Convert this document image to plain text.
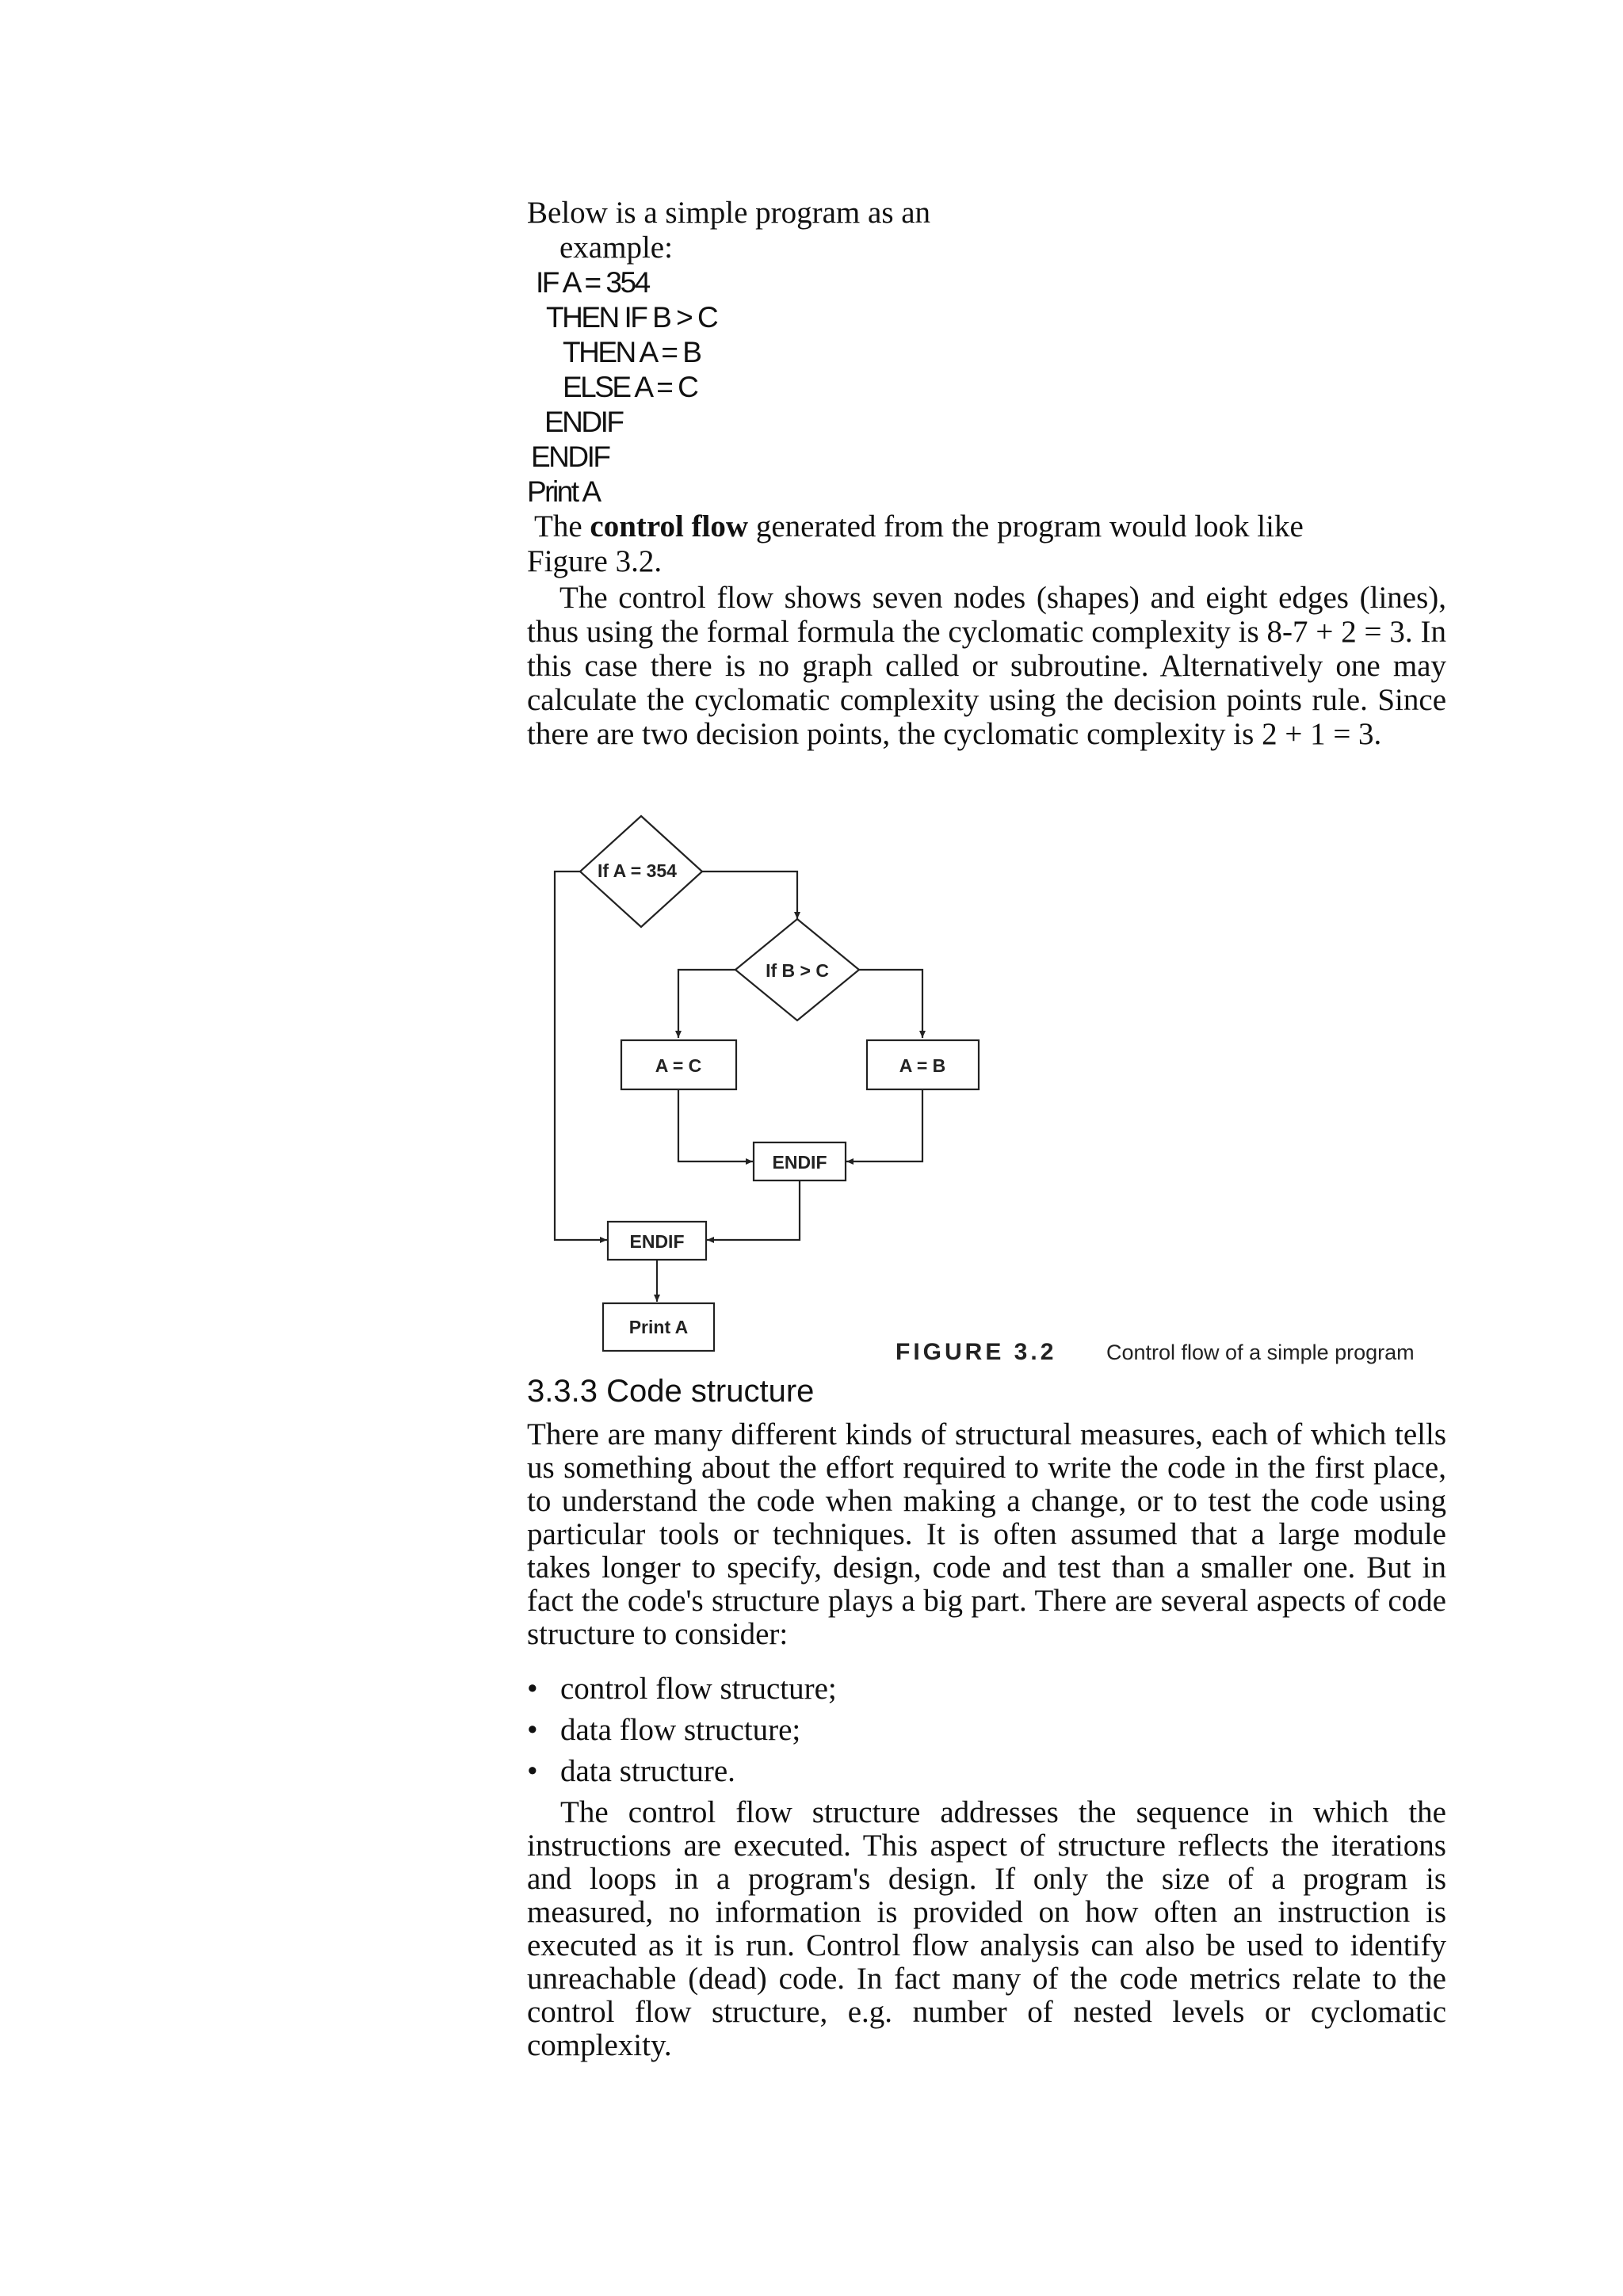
Below is a simple program as an
example:
IF A = 354
THEN IF B > C
THEN A = B
ELSE A = C
ENDIF
ENDIF
Print A
The control flow generated from the program would look like
Figure 3.2.
The control flow shows seven nodes (shapes) and eight edges (lines), thus using the formal formula the cyclomatic complexity is 8-7 + 2 = 3. In this case there is no graph called or subroutine. Alternatively one may calculate the cyclomatic complexity using the decision points rule. Since there are two decision points, the cyclomatic complexity is 2 + 1 = 3.
If A = 354
If B > C
A = C	A = B
ENDIF
ENDIF
Print A
FIGURE 3.2 Control flow of a simple program
3.3.3 Code structure
There are many different kinds of structural measures, each of which tells us something about the effort required to write the code in the first place, to understand the code when making a change, or to test the code using particular tools or techniques. It is often assumed that a large module takes longer to specify, design, code and test than a smaller one. But in fact the code's structure plays a big part. There are several aspects of code structure to consider:
• control flow structure;
• data flow structure;
• data structure.
The control flow structure addresses the sequence in which the instructions are executed. This aspect of structure reflects the iterations and loops in a program's design. If only the size of a program is measured, no information is provided on how often an instruction is executed as it is run. Control flow analysis can also be used to identify unreachable (dead) code. In fact many of the code metrics relate to the control flow structure, e.g. number of nested levels or cyclomatic complexity.
